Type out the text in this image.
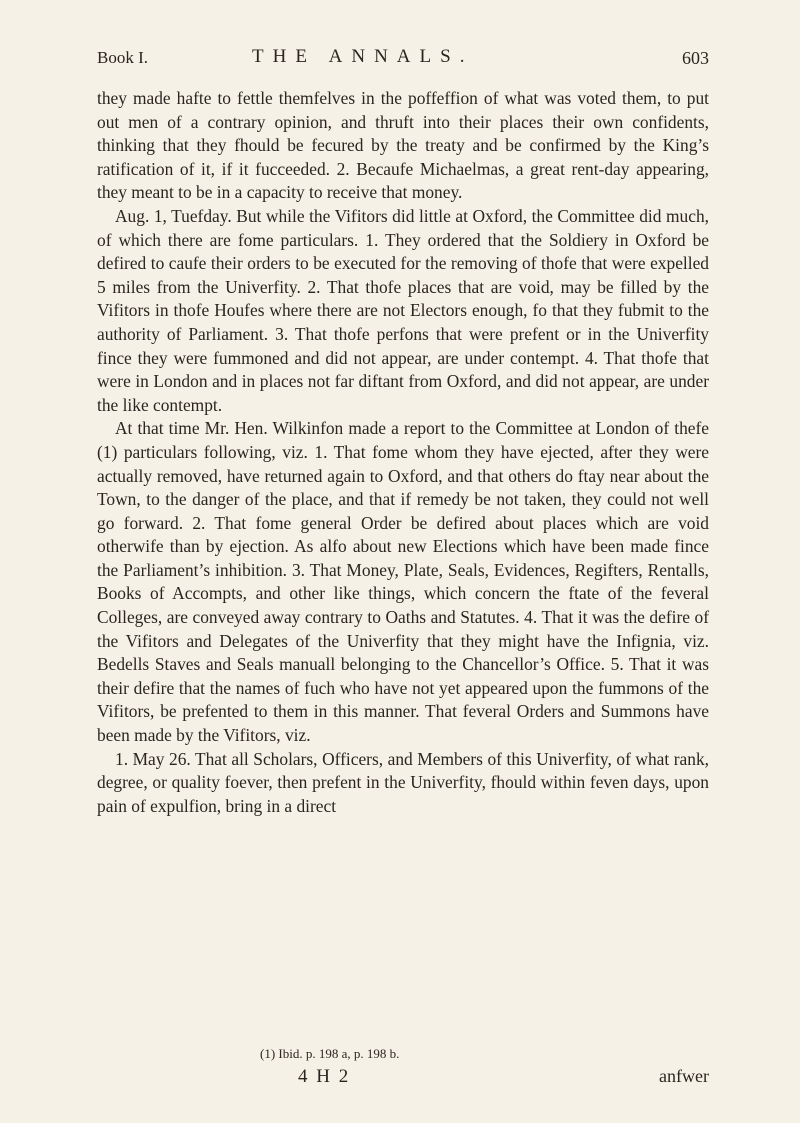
Book I.	THE ANNALS.	603

they made hafte to fettle themfelves in the poffeffion of what was voted them, to put out men of a contrary opinion, and thruft into their places their own confidents, thinking that they fhould be fecured by the treaty and be confirmed by the King’s ratification of it, if it fucceeded. 2. Becaufe Michaelmas, a great rent-day appearing, they meant to be in a capacity to receive that money.

Aug. 1, Tuefday. But while the Vifitors did little at Oxford, the Committee did much, of which there are fome particulars. 1. They ordered that the Soldiery in Oxford be defired to caufe their orders to be executed for the removing of thofe that were expelled 5 miles from the Univerfity. 2. That thofe places that are void, may be filled by the Vifitors in thofe Houfes where there are not Electors enough, fo that they fubmit to the authority of Parliament. 3. That thofe perfons that were prefent or in the Univerfity fince they were fummoned and did not appear, are under contempt. 4. That thofe that were in London and in places not far diftant from Oxford, and did not appear, are under the like contempt.

At that time Mr. Hen. Wilkinfon made a report to the Committee at London of thefe (1) particulars following, viz. 1. That fome whom they have ejected, after they were actually removed, have returned again to Oxford, and that others do ftay near about the Town, to the danger of the place, and that if remedy be not taken, they could not well go forward. 2. That fome general Order be defired about places which are void otherwife than by ejection. As alfo about new Elections which have been made fince the Parliament’s inhibition. 3. That Money, Plate, Seals, Evidences, Regifters, Rentalls, Books of Accompts, and other like things, which concern the ftate of the feveral Colleges, are conveyed away contrary to Oaths and Statutes. 4. That it was the defire of the Vifitors and Delegates of the Univerfity that they might have the Infignia, viz. Bedells Staves and Seals manuall belonging to the Chancellor’s Office. 5. That it was their defire that the names of fuch who have not yet appeared upon the fummons of the Vifitors, be prefented to them in this manner. That feveral Orders and Summons have been made by the Vifitors, viz.

1. May 26. That all Scholars, Officers, and Members of this Univerfity, of what rank, degree, or quality foever, then prefent in the Univerfity, fhould within feven days, upon pain of expulfion, bring in a direct

(1) Ibid. p. 198 a, p. 198 b.
4 H 2	anfwer
